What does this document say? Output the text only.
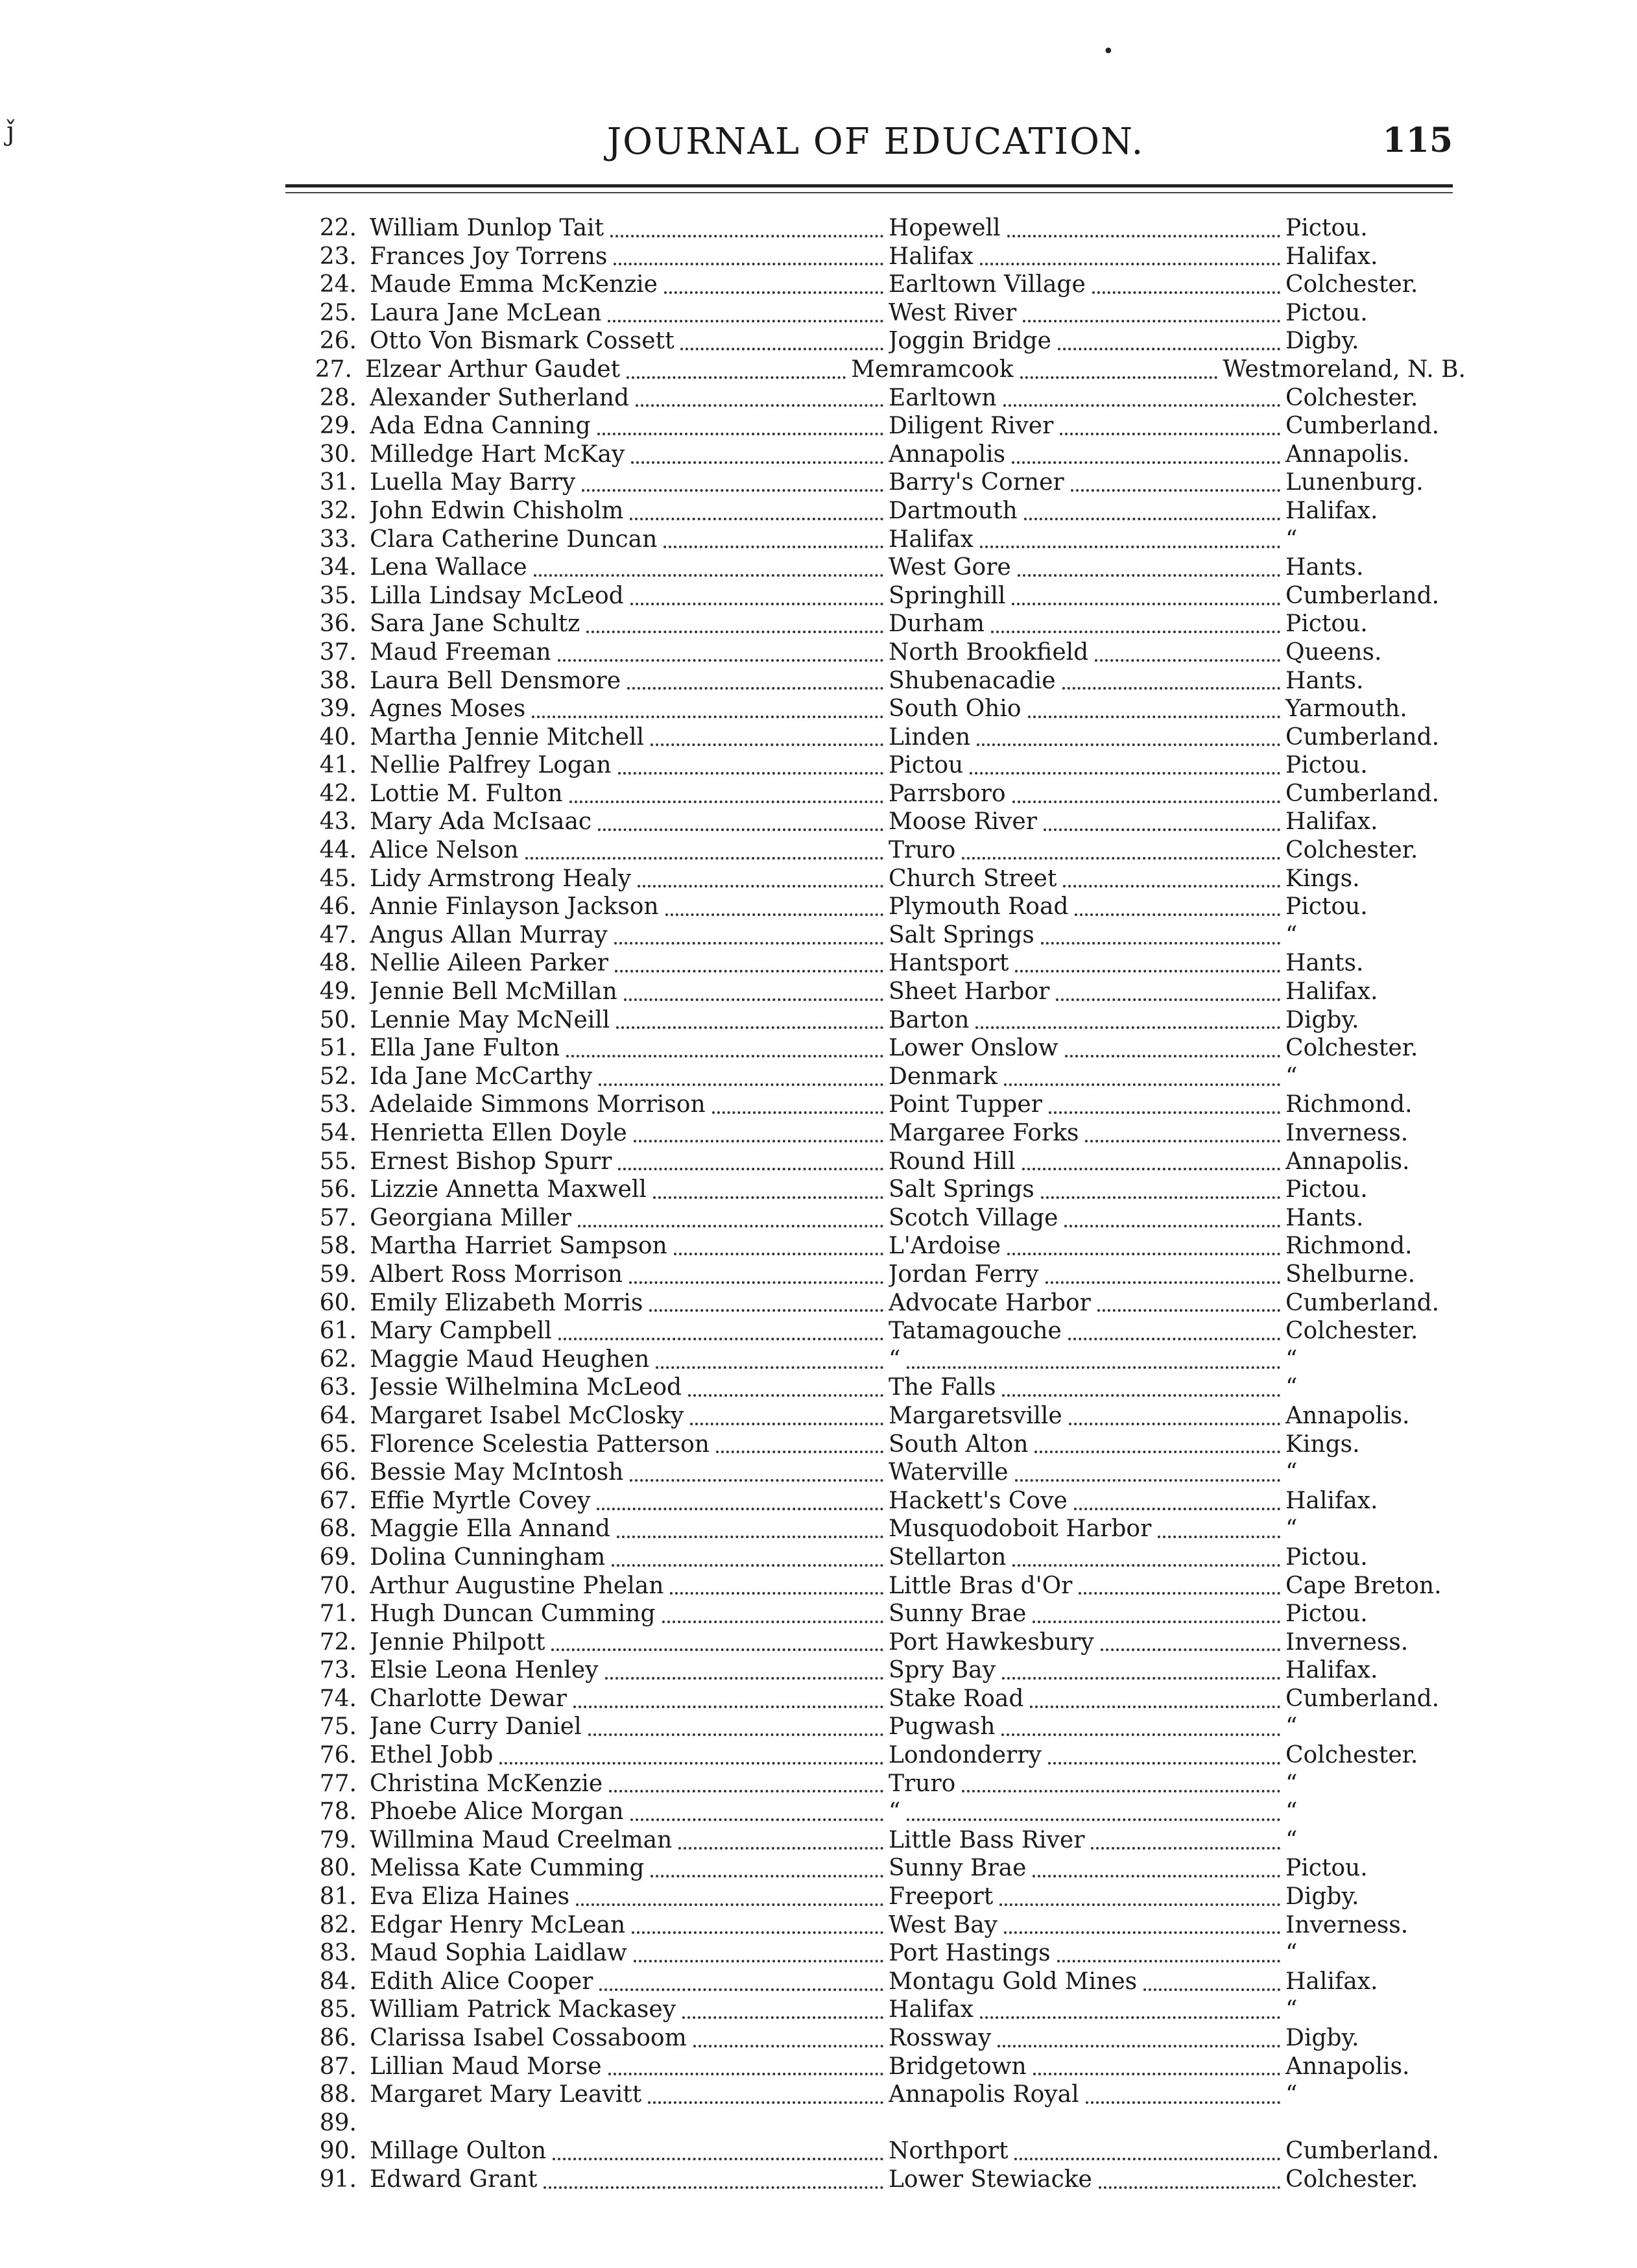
JOURNAL OF EDUCATION.	115
ǰ
•
22. William Dunlop Tait	Hopewell	Pictou.
23. Frances Joy Torrens	Halifax	Halifax.
24. Maude Emma McKenzie	Earltown Village	Colchester.
25. Laura Jane McLean	West River	Pictou.
26. Otto Von Bismark Cossett	Joggin Bridge	Digby.
27. Elzear Arthur Gaudet	Memramcook	Westmoreland, N. B.
28. Alexander Sutherland	Earltown	Colchester.
29. Ada Edna Canning	Diligent River	Cumberland.
30. Milledge Hart McKay	Annapolis	Annapolis.
31. Luella May Barry	Barry's Corner	Lunenburg.
32. John Edwin Chisholm	Dartmouth	Halifax.
33. Clara Catherine Duncan	Halifax	“
34. Lena Wallace	West Gore	Hants.
35. Lilla Lindsay McLeod	Springhill	Cumberland.
36. Sara Jane Schultz	Durham	Pictou.
37. Maud Freeman	North Brookfield	Queens.
38. Laura Bell Densmore	Shubenacadie	Hants.
39. Agnes Moses	South Ohio	Yarmouth.
40. Martha Jennie Mitchell	Linden	Cumberland.
41. Nellie Palfrey Logan	Pictou	Pictou.
42. Lottie M. Fulton	Parrsboro	Cumberland.
43. Mary Ada McIsaac	Moose River	Halifax.
44. Alice Nelson	Truro	Colchester.
45. Lidy Armstrong Healy	Church Street	Kings.
46. Annie Finlayson Jackson	Plymouth Road	Pictou.
47. Angus Allan Murray	Salt Springs	“
48. Nellie Aileen Parker	Hantsport	Hants.
49. Jennie Bell McMillan	Sheet Harbor	Halifax.
50. Lennie May McNeill	Barton	Digby.
51. Ella Jane Fulton	Lower Onslow	Colchester.
52. Ida Jane McCarthy	Denmark	“
53. Adelaide Simmons Morrison	Point Tupper	Richmond.
54. Henrietta Ellen Doyle	Margaree Forks	Inverness.
55. Ernest Bishop Spurr	Round Hill	Annapolis.
56. Lizzie Annetta Maxwell	Salt Springs	Pictou.
57. Georgiana Miller	Scotch Village	Hants.
58. Martha Harriet Sampson	L'Ardoise	Richmond.
59. Albert Ross Morrison	Jordan Ferry	Shelburne.
60. Emily Elizabeth Morris	Advocate Harbor	Cumberland.
61. Mary Campbell	Tatamagouche	Colchester.
62. Maggie Maud Heughen	“	“
63. Jessie Wilhelmina McLeod	The Falls	“
64. Margaret Isabel McClosky	Margaretsville	Annapolis.
65. Florence Scelestia Patterson	South Alton	Kings.
66. Bessie May McIntosh	Waterville	“
67. Effie Myrtle Covey	Hackett's Cove	Halifax.
68. Maggie Ella Annand	Musquodoboit Harbor	“
69. Dolina Cunningham	Stellarton	Pictou.
70. Arthur Augustine Phelan	Little Bras d'Or	Cape Breton.
71. Hugh Duncan Cumming	Sunny Brae	Pictou.
72. Jennie Philpott	Port Hawkesbury	Inverness.
73. Elsie Leona Henley	Spry Bay	Halifax.
74. Charlotte Dewar	Stake Road	Cumberland.
75. Jane Curry Daniel	Pugwash	“
76. Ethel Jobb	Londonderry	Colchester.
77. Christina McKenzie	Truro	“
78. Phoebe Alice Morgan	“	“
79. Willmina Maud Creelman	Little Bass River	“
80. Melissa Kate Cumming	Sunny Brae	Pictou.
81. Eva Eliza Haines	Freeport	Digby.
82. Edgar Henry McLean	West Bay	Inverness.
83. Maud Sophia Laidlaw	Port Hastings	“
84. Edith Alice Cooper	Montagu Gold Mines	Halifax.
85. William Patrick Mackasey	Halifax	“
86. Clarissa Isabel Cossaboom	Rossway	Digby.
87. Lillian Maud Morse	Bridgetown	Annapolis.
88. Margaret Mary Leavitt	Annapolis Royal	“
89.
90. Millage Oulton	Northport	Cumberland.
91. Edward Grant	Lower Stewiacke	Colchester.
